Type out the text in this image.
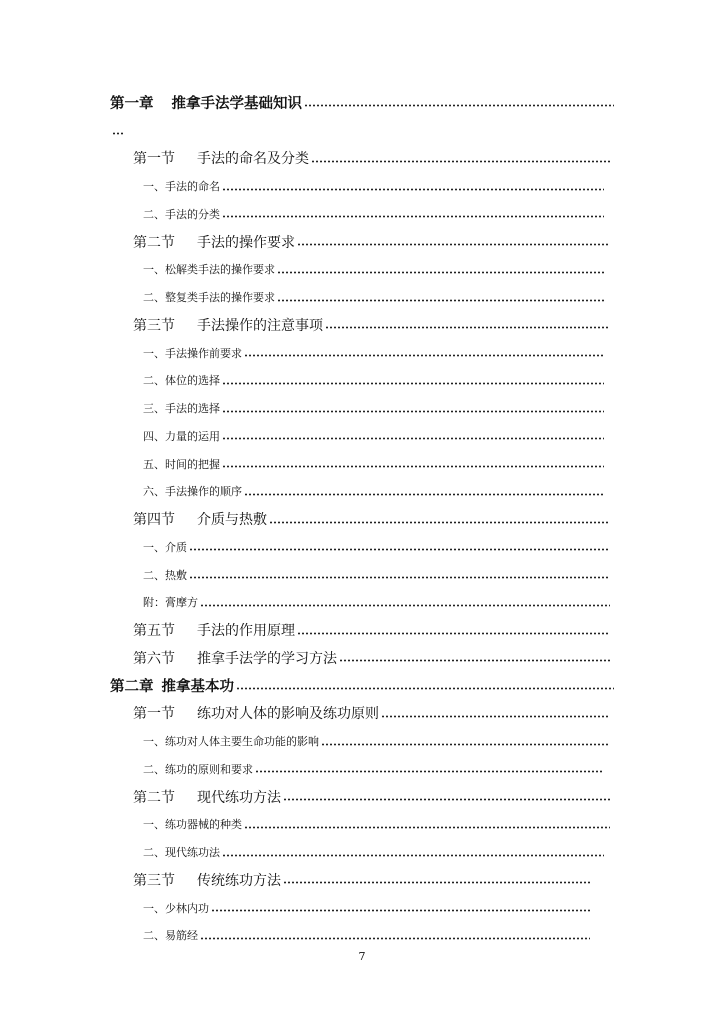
第一章 推拿手法学基础知识
第一节 手法的命名及分类
一、手法的命名
二、手法的分类
第二节 手法的操作要求
一、松解类手法的操作要求
二、整复类手法的操作要求
第三节 手法操作的注意事项
一、手法操作前要求
二、体位的选择
三、手法的选择
四、力量的运用
五、时间的把握
六、手法操作的顺序
第四节 介质与热敷
一、介质
二、热敷
附：膏摩方
第五节 手法的作用原理
第六节 推拿手法学的学习方法
第二章 推拿基本功
第一节 练功对人体的影响及练功原则
一、练功对人体主要生命功能的影响
二、练功的原则和要求
第二节 现代练功方法
一、练功器械的种类
二、现代练功法
第三节 传统练功方法
一、少林内功
二、易筋经
7
